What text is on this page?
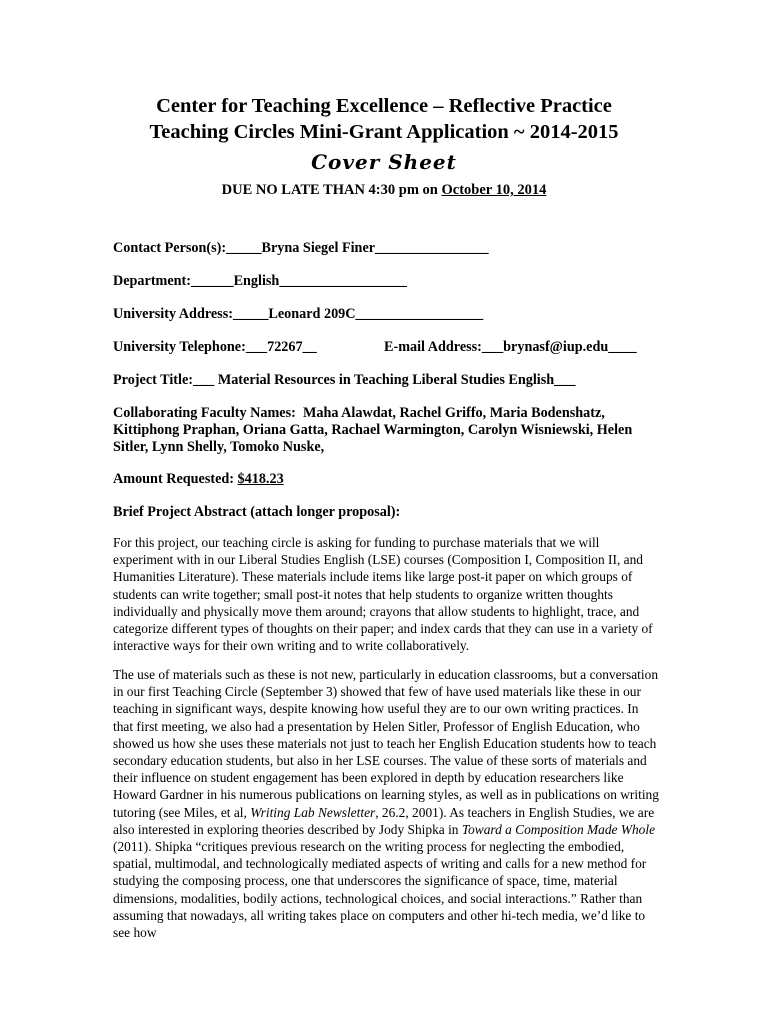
Center for Teaching Excellence – Reflective Practice
Teaching Circles Mini-Grant Application ~ 2014-2015
Cover Sheet
DUE NO LATE THAN 4:30 pm on October 10, 2014
Contact Person(s):_____Bryna Siegel Finer________________
Department:______English__________________
University Address:_____Leonard 209C__________________
University Telephone:___72267__	E-mail Address:___brynasf@iup.edu____
Project Title:___ Material Resources in Teaching Liberal Studies English___
Collaborating Faculty Names: Maha Alawdat, Rachel Griffo, Maria Bodenshatz, Kittiphong Praphan, Oriana Gatta, Rachael Warmington, Carolyn Wisniewski, Helen Sitler, Lynn Shelly, Tomoko Nuske,
Amount Requested: $418.23
Brief Project Abstract (attach longer proposal):

For this project, our teaching circle is asking for funding to purchase materials that we will experiment with in our Liberal Studies English (LSE) courses (Composition I, Composition II, and Humanities Literature). These materials include items like large post-it paper on which groups of students can write together; small post-it notes that help students to organize written thoughts individually and physically move them around; crayons that allow students to highlight, trace, and categorize different types of thoughts on their paper; and index cards that they can use in a variety of interactive ways for their own writing and to write collaboratively.

The use of materials such as these is not new, particularly in education classrooms, but a conversation in our first Teaching Circle (September 3) showed that few of have used materials like these in our teaching in significant ways, despite knowing how useful they are to our own writing practices. In that first meeting, we also had a presentation by Helen Sitler, Professor of English Education, who showed us how she uses these materials not just to teach her English Education students how to teach secondary education students, but also in her LSE courses. The value of these sorts of materials and their influence on student engagement has been explored in depth by education researchers like Howard Gardner in his numerous publications on learning styles, as well as in publications on writing tutoring (see Miles, et al, Writing Lab Newsletter, 26.2, 2001). As teachers in English Studies, we are also interested in exploring theories described by Jody Shipka in Toward a Composition Made Whole (2011). Shipka “critiques previous research on the writing process for neglecting the embodied, spatial, multimodal, and technologically mediated aspects of writing and calls for a new method for studying the composing process, one that underscores the significance of space, time, material dimensions, modalities, bodily actions, technological choices, and social interactions.” Rather than assuming that nowadays, all writing takes place on computers and other hi-tech media, we’d like to see how
